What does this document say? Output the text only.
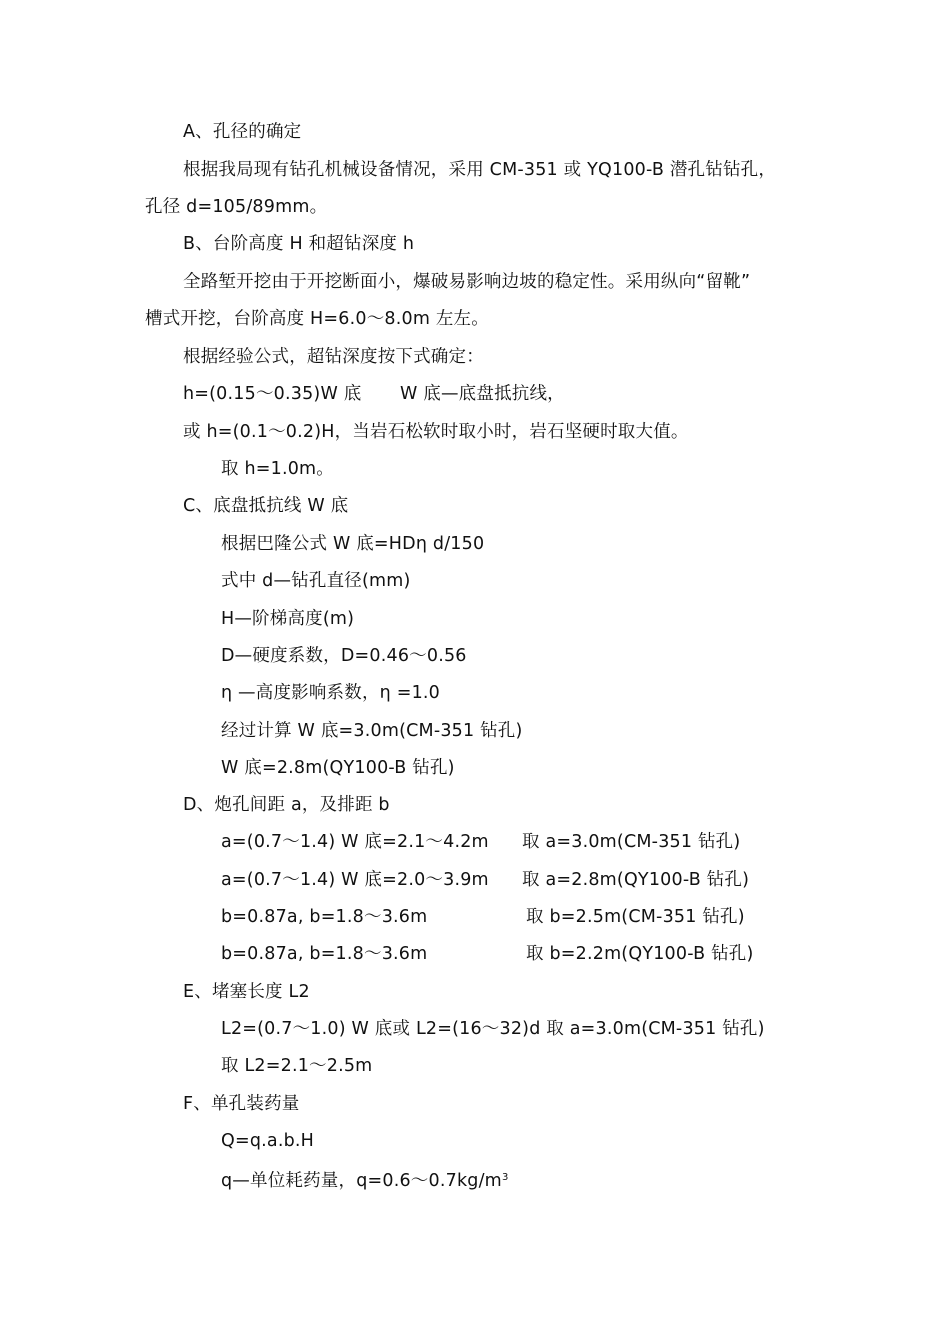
A、孔径的确定
根据我局现有钻孔机械设备情况，采用 CM-351 或 YQ100-B 潜孔钻钻孔，
孔径 d=105/89mm。
B、台阶高度 H 和超钻深度 h
全路堑开挖由于开挖断面小，爆破易影响边坡的稳定性。采用纵向“留靴”
槽式开挖，台阶高度 H=6.0～8.0m 左左。
根据经验公式，超钻深度按下式确定：
h=(0.15～0.35)W 底 W 底—底盘抵抗线，
或 h=(0.1～0.2)H，当岩石松软时取小时，岩石坚硬时取大值。
取 h=1.0m。
C、底盘抵抗线 W 底
根据巴隆公式 W 底=HDη d/150
式中 d—钻孔直径(mm)
H—阶梯高度(m)
D—硬度系数，D=0.46～0.56
η —高度影响系数，η =1.0
经过计算 W 底=3.0m(CM-351 钻孔)
W 底=2.8m(QY100-B 钻孔)
D、炮孔间距 a，及排距 b
a=(0.7～1.4) W 底=2.1～4.2m 取 a=3.0m(CM-351 钻孔)
a=(0.7～1.4) W 底=2.0～3.9m 取 a=2.8m(QY100-B 钻孔)
b=0.87a, b=1.8～3.6m	取 b=2.5m(CM-351 钻孔)
b=0.87a, b=1.8～3.6m	取 b=2.2m(QY100-B 钻孔)
E、堵塞长度 L2
L2=(0.7～1.0) W 底或 L2=(16～32)d 取 a=3.0m(CM-351 钻孔)
取 L2=2.1～2.5m
F、单孔装药量
Q=q.a.b.H
q—单位耗药量，$q=0.6\sim 0.7kg/m^3$
